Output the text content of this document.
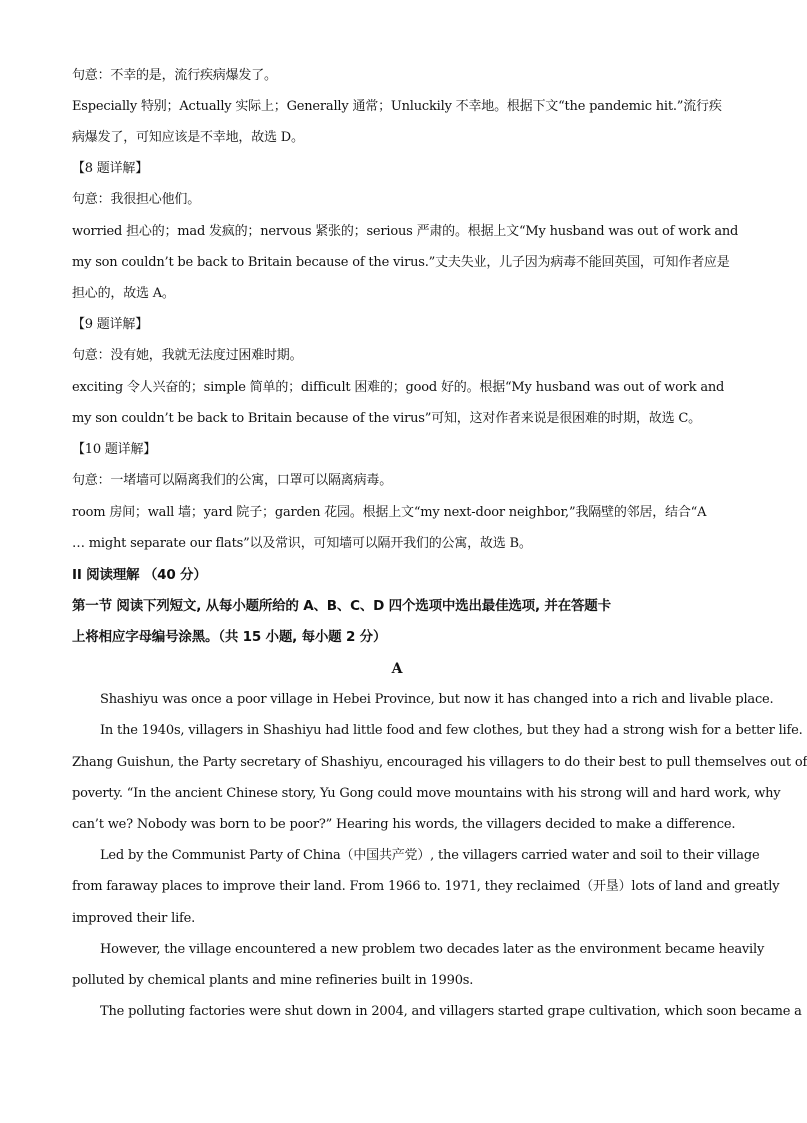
句意：不幸的是，流行疾病爆发了。
Especially 特别；Actually 实际上；Generally 通常；Unluckily 不幸地。根据下文“the pandemic hit.”流行疾
病爆发了，可知应该是不幸地，故选 D。
【8 题详解】
句意：我很担心他们。
worried 担心的；mad 发疯的；nervous 紧张的；serious 严肃的。根据上文“My husband was out of work and
my son couldn’t be back to Britain because of the virus.”丈夫失业，儿子因为病毒不能回英国，可知作者应是
担心的，故选 A。
【9 题详解】
句意：没有她，我就无法度过困难时期。
exciting 令人兴奋的；simple 简单的；difficult 困难的；good 好的。根据“My husband was out of work and
my son couldn’t be back to Britain because of the virus”可知，这对作者来说是很困难的时期，故选 C。
【10 题详解】
句意：一堵墙可以隔离我们的公寓，口罩可以隔离病毒。
room 房间；wall 墙；yard 院子；garden 花园。根据上文“my next-door neighbor,”我隔壁的邻居，结合“A
… might separate our flats”以及常识，可知墙可以隔开我们的公寓，故选 B。
II 阅读理解 （40 分）
第一节 阅读下列短文, 从每小题所给的 A、B、C、D 四个选项中选出最佳选项, 并在答题卡
上将相应字母编号涂黑。（共 15 小题, 每小题 2 分）
A
Shashiyu was once a poor village in Hebei Province, but now it has changed into a rich and livable place.
In the 1940s, villagers in Shashiyu had little food and few clothes, but they had a strong wish for a better life.
Zhang Guishun, the Party secretary of Shashiyu, encouraged his villagers to do their best to pull themselves out of
poverty. “In the ancient Chinese story, Yu Gong could move mountains with his strong will and hard work, why
can’t we? Nobody was born to be poor?” Hearing his words, the villagers decided to make a difference.
Led by the Communist Party of China（中国共产党）, the villagers carried water and soil to their village
from faraway places to improve their land. From 1966 to. 1971, they reclaimed（开垦）lots of land and greatly
improved their life.
However, the village encountered a new problem two decades later as the environment became heavily
polluted by chemical plants and mine refineries built in 1990s.
The polluting factories were shut down in 2004, and villagers started grape cultivation, which soon became a
